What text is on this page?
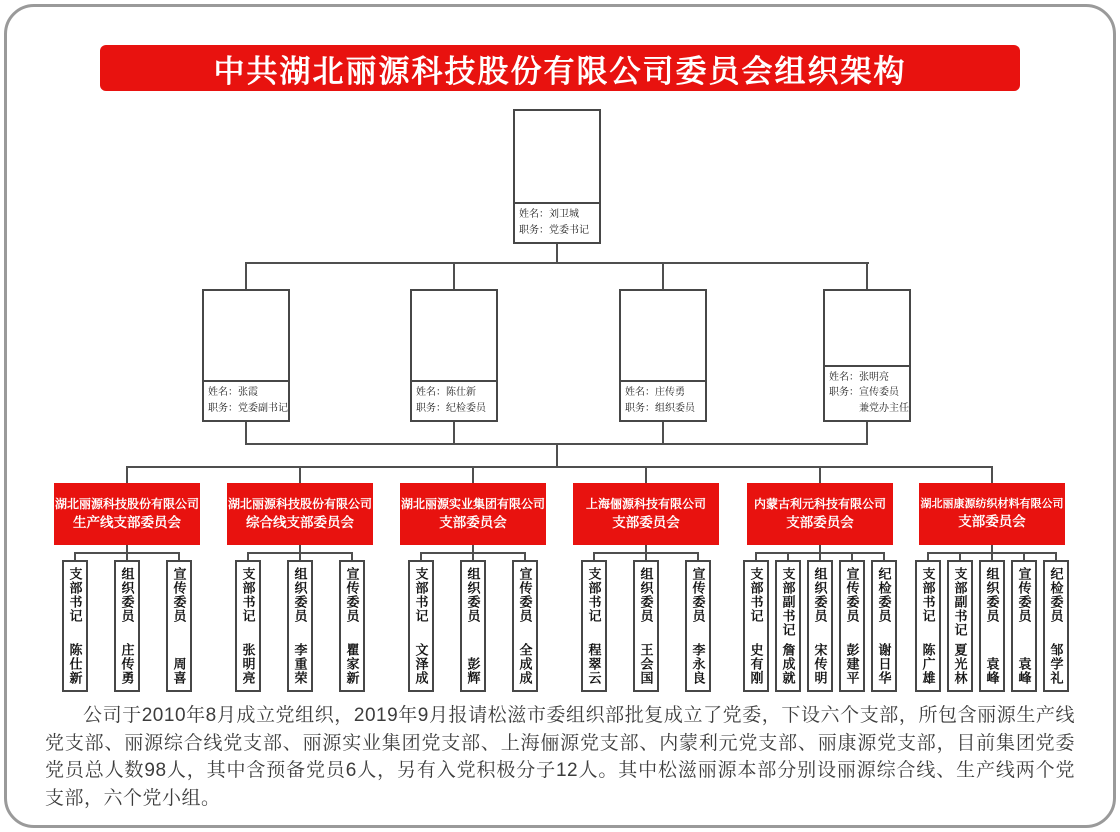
中共湖北丽源科技股份有限公司委员会组织架构
姓名：刘卫城
职务：党委书记
姓名：张霞
职务：党委副书记
姓名：陈仕新
职务：纪检委员
姓名：庄传勇
职务：组织委员
姓名：张明亮
职务：宣传委员
兼党办主任
湖北丽源科技股份有限公司
生产线支部委员会
湖北丽源科技股份有限公司
综合线支部委员会
湖北丽源实业集团有限公司
支部委员会
上海俪源科技有限公司
支部委员会
内蒙古利元科技有限公司
支部委员会
湖北丽康源纺织材料有限公司
支部委员会
支部书记
陈仕新
组织委员
庄传勇
宣传委员
周喜
支部书记
张明亮
组织委员
李重荣
宣传委员
瞿家新
支部书记
文泽成
组织委员
彭辉
宣传委员
全成成
支部书记
程翠云
组织委员
王会国
宣传委员
李永良
支部书记
史有刚
支部副书记
詹成就
组织委员
宋传明
宣传委员
彭建平
纪检委员
谢日华
支部书记
陈广雄
支部副书记
夏光林
组织委员
袁峰
宣传委员
袁峰
纪检委员
邹学礼
公司于2010年8月成立党组织，2019年9月报请松滋市委组织部批复成立了党委，下设六个支部，所包含丽源生产线党支部、丽源综合线党支部、丽源实业集团党支部、上海俪源党支部、内蒙利元党支部、丽康源党支部，目前集团党委党员总人数98人，其中含预备党员6人，另有入党积极分子12人。其中松滋丽源本部分别设丽源综合线、生产线两个党支部，六个党小组。
